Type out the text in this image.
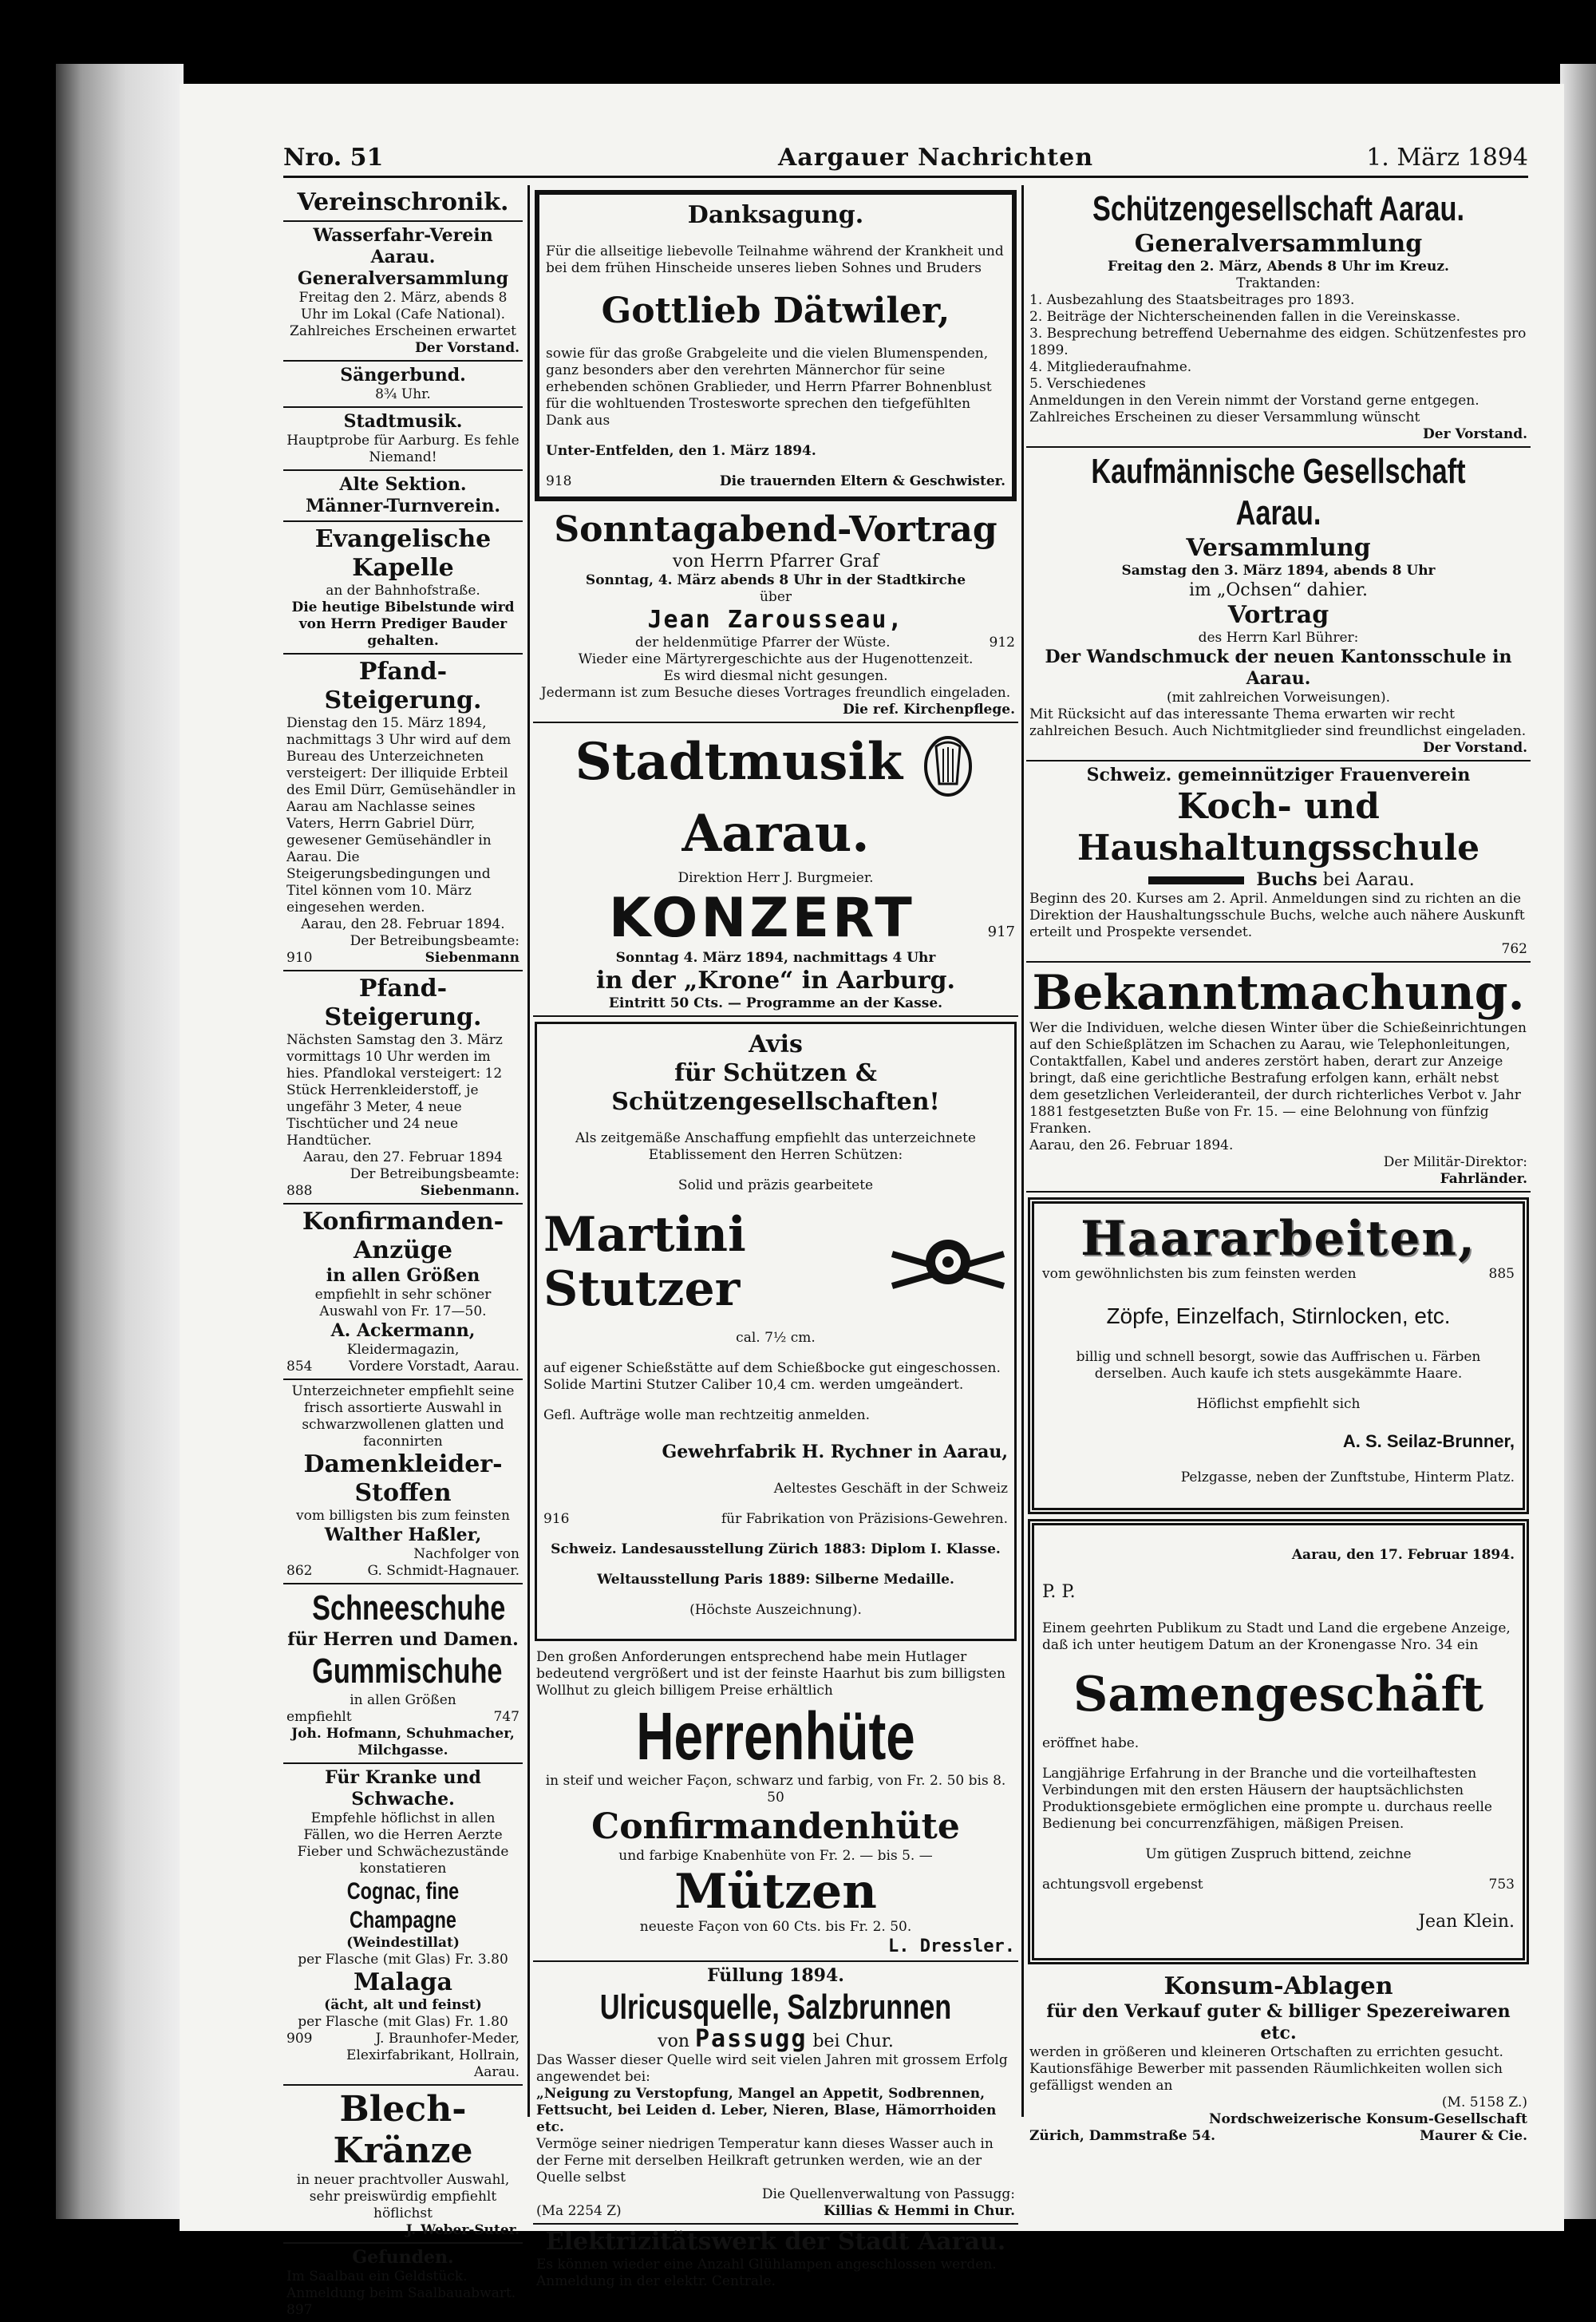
Nro. 51	Aargauer Nachrichten	1. März 1894

Vereinschronik.

Wasserfahr-Verein Aarau.

Generalversammlung

Freitag den 2. März, abends 8 Uhr im Lokal (Cafe National). Zahlreiches Erscheinen erwartet

Der Vorstand.

Sängerbund.

8¾ Uhr.

Stadtmusik.

Hauptprobe für Aarburg. Es fehle Niemand!

Alte Sektion.

Männer-Turnverein.

Evangelische Kapelle

an der Bahnhofstraße.

Die heutige Bibelstunde wird von Herrn Prediger Bauder gehalten.

Pfand-Steigerung.

Dienstag den 15. März 1894, nachmittags 3 Uhr wird auf dem Bureau des Unterzeichneten versteigert: Der illiquide Erbteil des Emil Dürr, Gemüsehändler in Aarau am Nachlasse seines Vaters, Herrn Gabriel Dürr, gewesener Gemüsehändler in Aarau. Die Steigerungsbedingungen und Titel können vom 10. März eingesehen werden.

Aarau, den 28. Februar 1894.

Der Betreibungsbeamte:

910	Siebenmann

Pfand-Steigerung.

Nächsten Samstag den 3. März vormittags 10 Uhr werden im hies. Pfandlokal versteigert: 12 Stück Herrenkleiderstoff, je ungefähr 3 Meter, 4 neue Tischtücher und 24 neue Handtücher.

Aarau, den 27. Februar 1894

Der Betreibungsbeamte:

888	Siebenmann.

Konfirmanden-Anzüge

in allen Größen

empfiehlt in sehr schöner Auswahl von Fr. 17—50.

A. Ackermann,

Kleidermagazin,

854	Vordere Vorstadt, Aarau.

Unterzeichneter empfiehlt seine frisch assortierte Auswahl in schwarzwollenen glatten und faconnirten

Damenkleider-Stoffen

vom billigsten bis zum feinsten

Walther Haßler,

Nachfolger von

862	G. Schmidt-Hagnauer.

Schneeschuhe

für Herren und Damen.

Gummischuhe

in allen Größen

empfiehlt	747

Joh. Hofmann, Schuhmacher, Milchgasse.

Für Kranke und Schwache.

Empfehle höflichst in allen Fällen, wo die Herren Aerzte Fieber und Schwächezustände konstatieren

Cognac, fine Champagne

(Weindestillat)

per Flasche (mit Glas) Fr. 3.80

Malaga

(ächt, alt und feinst)

per Flasche (mit Glas) Fr. 1.80

909	J. Braunhofer-Meder, Elexirfabrikant, Hollrain, Aarau.

Blech-Kränze

in neuer prachtvoller Auswahl, sehr preiswürdig empfiehlt höflichst

J. Weber-Suter.

Gefunden.

Im Saalbau ein Geldstück. Anmeldung beim Saalbauabwart. 897

Danksagung.

Für die allseitige liebevolle Teilnahme während der Krankheit und bei dem frühen Hinscheide unseres lieben Sohnes und Bruders

Gottlieb Dätwiler,

sowie für das große Grabgeleite und die vielen Blumenspenden, ganz besonders aber den verehrten Männerchor für seine erhebenden schönen Grablieder, und Herrn Pfarrer Bohnenblust für die wohltuenden Trostesworte sprechen den tiefgefühlten Dank aus

Unter-Entfelden, den 1. März 1894.

918	Die trauernden Eltern & Geschwister.

Sonntagabend-Vortrag

von Herrn Pfarrer Graf

Sonntag, 4. März abends 8 Uhr in der Stadtkirche

über

Jean Zarousseau,

der heldenmütige Pfarrer der Wüste.	912

Wieder eine Märtyrergeschichte aus der Hugenottenzeit.

Es wird diesmal nicht gesungen.

Jedermann ist zum Besuche dieses Vortrages freundlich eingeladen.

Die ref. Kirchenpflege.

Stadtmusik  Aarau.

Direktion Herr J. Burgmeier.

KONZERT	917

Sonntag 4. März 1894, nachmittags 4 Uhr

in der „Krone“ in Aarburg.

Eintritt 50 Cts. — Programme an der Kasse.

Avis

für Schützen & Schützengesellschaften!

Als zeitgemäße Anschaffung empfiehlt das unterzeichnete Etablissement den Herren Schützen:

Solid und präzis gearbeitete

Martini Stutzer

cal. 7½ cm.

auf eigener Schießstätte auf dem Schießbocke gut eingeschossen. Solide Martini Stutzer Caliber 10,4 cm. werden umgeändert.

Gefl. Aufträge wolle man rechtzeitig anmelden.

Gewehrfabrik H. Rychner in Aarau,

Aeltestes Geschäft in der Schweiz

916	für Fabrikation von Präzisions-Gewehren.

Schweiz. Landesausstellung Zürich 1883: Diplom I. Klasse.

Weltausstellung Paris 1889: Silberne Medaille.

(Höchste Auszeichnung).

Den großen Anforderungen entsprechend habe mein Hutlager bedeutend vergrößert und ist der feinste Haarhut bis zum billigsten Wollhut zu gleich billigem Preise erhältlich

Herrenhüte

in steif und weicher Façon, schwarz und farbig, von Fr. 2. 50 bis 8. 50

Confirmandenhüte

und farbige Knabenhüte von Fr. 2. — bis 5. —

Mützen

neueste Façon von 60 Cts. bis Fr. 2. 50.

L. Dressler.

Füllung 1894.

Ulricusquelle, Salzbrunnen

von Passugg bei Chur.

Das Wasser dieser Quelle wird seit vielen Jahren mit grossem Erfolg angewendet bei:

„Neigung zu Verstopfung, Mangel an Appetit, Sodbrennen, Fettsucht, bei Leiden d. Leber, Nieren, Blase, Hämorrhoiden etc.

Vermöge seiner niedrigen Temperatur kann dieses Wasser auch in der Ferne mit derselben Heilkraft getrunken werden, wie an der Quelle selbst

Die Quellenverwaltung von Passugg:

(Ma 2254 Z)	Killias & Hemmi in Chur.

Elektrizitätswerk der Stadt Aarau.

Es können wieder eine Anzahl Glühlampen angeschlossen werden. Anmeldung in der elektr. Centrale.

Schützengesellschaft Aarau.

Generalversammlung

Freitag den 2. März, Abends 8 Uhr im Kreuz.

Traktanden:

1. Ausbezahlung des Staatsbeitrages pro 1893.

2. Beiträge der Nichterscheinenden fallen in die Vereinskasse.

3. Besprechung betreffend Uebernahme des eidgen. Schützenfestes pro 1899.

4. Mitgliederaufnahme.

5. Verschiedenes

Anmeldungen in den Verein nimmt der Vorstand gerne entgegen. Zahlreiches Erscheinen zu dieser Versammlung wünscht

Der Vorstand.

Kaufmännische Gesellschaft Aarau.

Versammlung

Samstag den 3. März 1894, abends 8 Uhr

im „Ochsen“ dahier.

Vortrag

des Herrn Karl Bührer:

Der Wandschmuck der neuen Kantonsschule in Aarau.

(mit zahlreichen Vorweisungen).

Mit Rücksicht auf das interessante Thema erwarten wir recht zahlreichen Besuch. Auch Nichtmitglieder sind freundlichst eingeladen.

Der Vorstand.

Schweiz. gemeinnütziger Frauenverein

Koch- und Haushaltungsschule

Buchs bei Aarau.

Beginn des 20. Kurses am 2. April. Anmeldungen sind zu richten an die Direktion der Haushaltungsschule Buchs, welche auch nähere Auskunft erteilt und Prospekte versendet.

762

Bekanntmachung.

Wer die Individuen, welche diesen Winter über die Schießeinrichtungen auf den Schießplätzen im Schachen zu Aarau, wie Telephonleitungen, Contaktfallen, Kabel und anderes zerstört haben, derart zur Anzeige bringt, daß eine gerichtliche Bestrafung erfolgen kann, erhält nebst dem gesetzlichen Verleideranteil, der durch richterliches Verbot v. Jahr 1881 festgesetzten Buße von Fr. 15. — eine Belohnung von fünfzig Franken.

Aarau, den 26. Februar 1894.

Der Militär-Direktor:

Fahrländer.

Haararbeiten,

vom gewöhnlichsten bis zum feinsten werden	885

Zöpfe, Einzelfach, Stirnlocken, etc.

billig und schnell besorgt, sowie das Auffrischen u. Färben derselben. Auch kaufe ich stets ausgekämmte Haare.

Höflichst empfiehlt sich

A. S. Seilaz-Brunner,

Pelzgasse, neben der Zunftstube, Hinterm Platz.

Aarau, den 17. Februar 1894.

P. P.

Einem geehrten Publikum zu Stadt und Land die ergebene Anzeige, daß ich unter heutigem Datum an der Kronengasse Nro. 34 ein

Samengeschäft

eröffnet habe.

Langjährige Erfahrung in der Branche und die vorteilhaftesten Verbindungen mit den ersten Häusern der hauptsächlichsten Produktionsgebiete ermöglichen eine prompte u. durchaus reelle Bedienung bei concurrenzfähigen, mäßigen Preisen.

Um gütigen Zuspruch bittend, zeichne

achtungsvoll ergebenst	753

Jean Klein.

Konsum-Ablagen

für den Verkauf guter & billiger Spezereiwaren etc.

werden in größeren und kleineren Ortschaften zu errichten gesucht. Kautionsfähige Bewerber mit passenden Räumlichkeiten wollen sich gefälligst wenden an

(M. 5158 Z.)

Nordschweizerische Konsum-Gesellschaft

Zürich, Dammstraße 54.	Maurer & Cie.
